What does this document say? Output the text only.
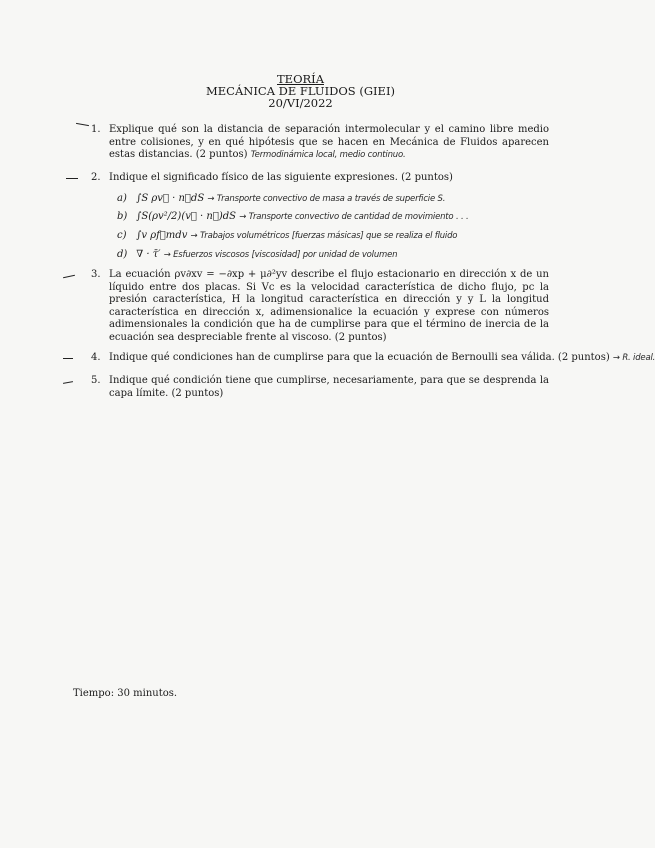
TEORÍA
MECÁNICA DE FLUIDOS (GIEI)
20/VI/2022
1. Explique qué son la distancia de separación intermolecular y el camino libre medio entre colisiones, y en qué hipótesis que se hacen en Mecánica de Fluidos aparecen estas distancias. (2 puntos) Termodinámica local, medio continuo.
2. Indique el significado físico de las siguiente expresiones. (2 puntos)
a) ∫S ρv⃗ · n⃗dS → Transporte convectivo de masa a través de superficie S.
b) ∫S(ρv²/2)(v⃗ · n⃗)dS → Transporte convectivo de cantidad de movimiento . . .
c) ∫v ρf⃗mdv → Trabajos volumétricos [fuerzas másicas] que se realiza el fluido
d) ∇ · τ̄′ → Esfuerzos viscosos [viscosidad] por unidad de volumen
3. La ecuación ρv∂xv = −∂xp + μ∂²yv describe el flujo estacionario en dirección x de un líquido entre dos placas. Si Vc es la velocidad característica de dicho flujo, pc la presión característica, H la longitud característica en dirección y y L la longitud característica en dirección x, adimensionalice la ecuación y exprese con números adimensionales la condición que ha de cumplirse para que el término de inercia de la ecuación sea despreciable frente al viscoso. (2 puntos)
4. Indique qué condiciones han de cumplirse para que la ecuación de Bernoulli sea válida. (2 puntos) → R. ideal.
5. Indique qué condición tiene que cumplirse, necesariamente, para que se desprenda la capa límite. (2 puntos)
Tiempo: 30 minutos.
